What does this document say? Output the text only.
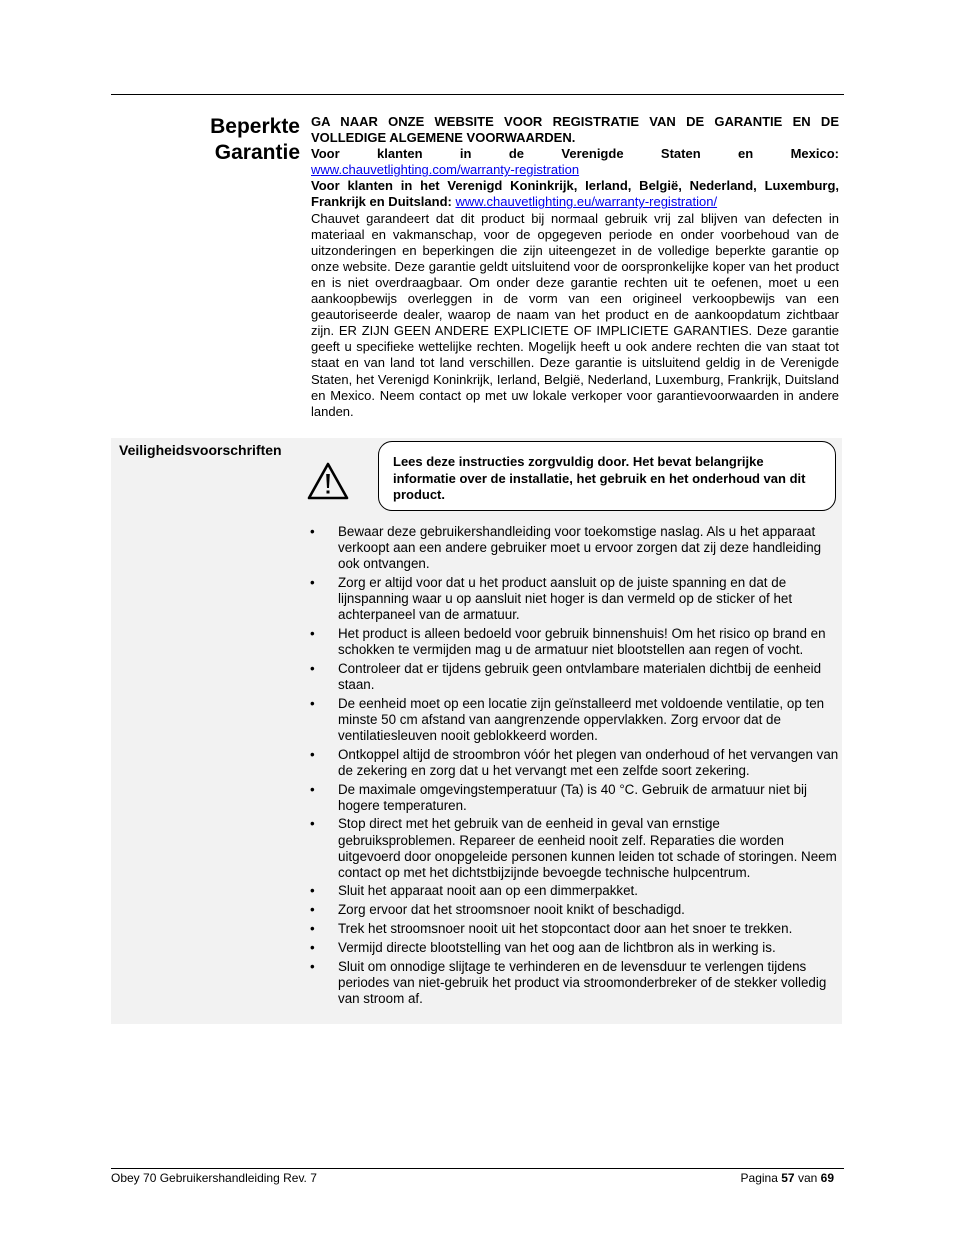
Beperkte
Garantie

GA NAAR ONZE WEBSITE VOOR REGISTRATIE VAN DE GARANTIE EN DE VOLLEDIGE ALGEMENE VOORWAARDEN.

Voor klanten in de Verenigde Staten en Mexico:

www.chauvetlighting.com/warranty-registration

Voor klanten in het Verenigd Koninkrijk, Ierland, België, Nederland, Luxemburg, Frankrijk en Duitsland: www.chauvetlighting.eu/warranty-registration/

Chauvet garandeert dat dit product bij normaal gebruik vrij zal blijven van defecten in materiaal en vakmanschap, voor de opgegeven periode en onder voorbehoud van de uitzonderingen en beperkingen die zijn uiteengezet in de volledige beperkte garantie op onze website. Deze garantie geldt uitsluitend voor de oorspronkelijke koper van het product en is niet overdraagbaar. Om onder deze garantie rechten uit te oefenen, moet u een aankoopbewijs overleggen in de vorm van een origineel verkoopbewijs van een geautoriseerde dealer, waarop de naam van het product en de aankoopdatum zichtbaar zijn. ER ZIJN GEEN ANDERE EXPLICIETE OF IMPLICIETE GARANTIES. Deze garantie geeft u specifieke wettelijke rechten. Mogelijk heeft u ook andere rechten die van staat tot staat en van land tot land verschillen. Deze garantie is uitsluitend geldig in de Verenigde Staten, het Verenigd Koninkrijk, Ierland, België, Nederland, Luxemburg, Frankrijk, Duitsland en Mexico. Neem contact op met uw lokale verkoper voor garantievoorwaarden in andere landen.

Veiligheidsvoorschriften
Lees deze instructies zorgvuldig door. Het bevat belangrijke informatie over de installatie, het gebruik en het onderhoud van dit product.
• Bewaar deze gebruikershandleiding voor toekomstige naslag. Als u het apparaat verkoopt aan een andere gebruiker moet u ervoor zorgen dat zij deze handleiding ook ontvangen.
• Zorg er altijd voor dat u het product aansluit op de juiste spanning en dat de lijnspanning waar u op aansluit niet hoger is dan vermeld op de sticker of het achterpaneel van de armatuur.
• Het product is alleen bedoeld voor gebruik binnenshuis! Om het risico op brand en schokken te vermijden mag u de armatuur niet blootstellen aan regen of vocht.
• Controleer dat er tijdens gebruik geen ontvlambare materialen dichtbij de eenheid staan.
• De eenheid moet op een locatie zijn geïnstalleerd met voldoende ventilatie, op ten minste 50 cm afstand van aangrenzende oppervlakken. Zorg ervoor dat de ventilatiesleuven nooit geblokkeerd worden.
• Ontkoppel altijd de stroombron vóór het plegen van onderhoud of het vervangen van de zekering en zorg dat u het vervangt met een zelfde soort zekering.
• De maximale omgevingstemperatuur (Ta) is 40 °C. Gebruik de armatuur niet bij hogere temperaturen.
• Stop direct met het gebruik van de eenheid in geval van ernstige gebruiksproblemen. Repareer de eenheid nooit zelf. Reparaties die worden uitgevoerd door onopgeleide personen kunnen leiden tot schade of storingen. Neem contact op met het dichtstbijzijnde bevoegde technische hulpcentrum.
• Sluit het apparaat nooit aan op een dimmerpakket.
• Zorg ervoor dat het stroomsnoer nooit knikt of beschadigd.
• Trek het stroomsnoer nooit uit het stopcontact door aan het snoer te trekken.
• Vermijd directe blootstelling van het oog aan de lichtbron als in werking is.
• Sluit om onnodige slijtage te verhinderen en de levensduur te verlengen tijdens periodes van niet-gebruik het product via stroomonderbreker of de stekker volledig van stroom af.
Obey 70 Gebruikershandleiding Rev. 7	Pagina 57 van 69
